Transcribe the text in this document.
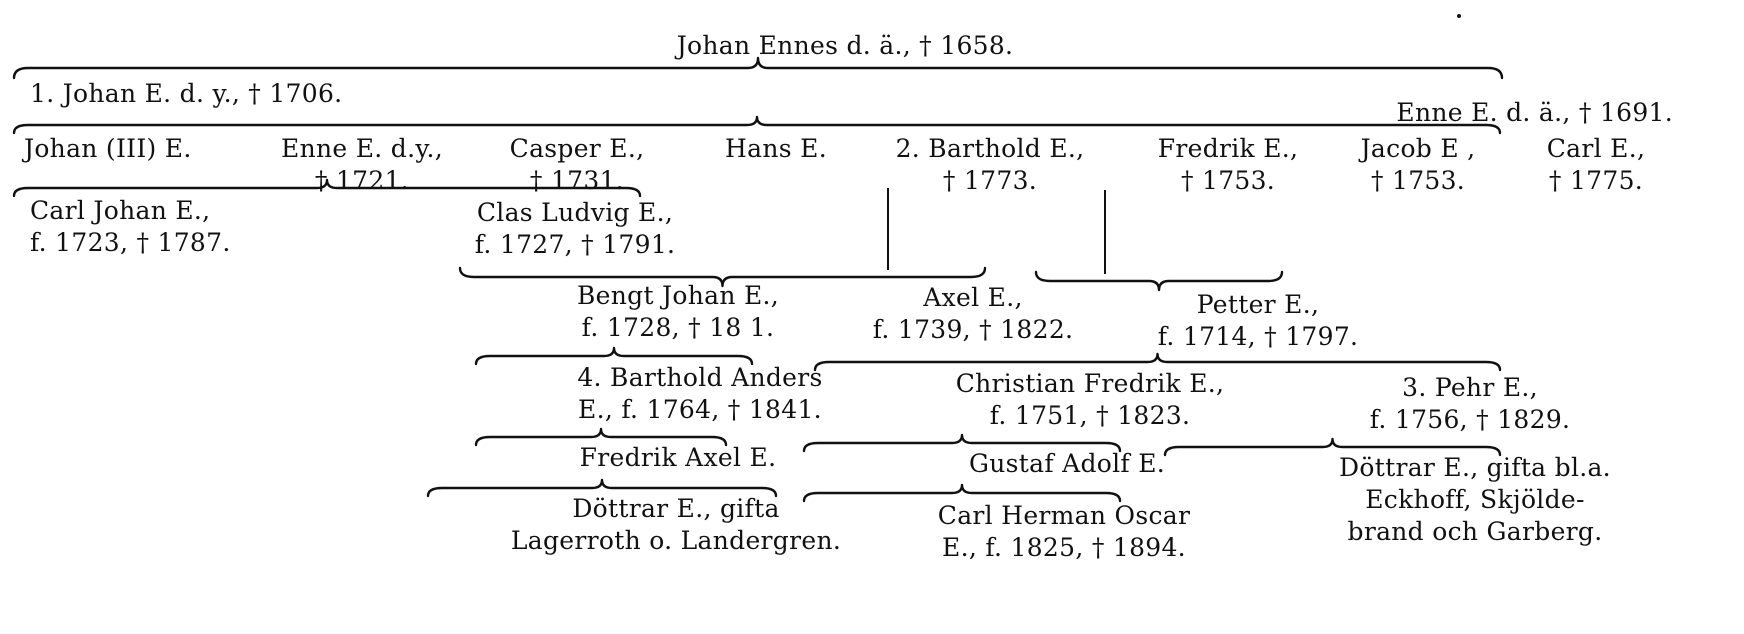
Johan Ennes d. ä., † 1658.
1. Johan E. d. y., † 1706.
Enne E. d. ä., † 1691.
Johan (III) E.	Enne E. d.y.,
† 1721.
Casper E.,
† 1731.
Hans E.	2. Barthold E.,
† 1773.
Fredrik E.,
† 1753.
Jacob E ,
† 1753.
Carl E.,
† 1775.
Carl Johan E.,
f. 1723, † 1787.
Clas Ludvig E.,
f. 1727, † 1791.
Bengt Johan E.,
f. 1728, † 18 1.
Axel E.,
f. 1739, † 1822.
Petter E.,
f. 1714, † 1797.
4. Barthold Anders
E., f. 1764, † 1841.
Christian Fredrik E.,
f. 1751, † 1823.
3. Pehr E.,
f. 1756, † 1829.
Fredrik Axel E.	Gustaf Adolf E.	Döttrar E., gifta bl.a.
Eckhoff, Skjölde-
brand och Garberg.
Döttrar E., gifta
Lagerroth o. Landergren.
Carl Herman Oscar
E., f. 1825, † 1894.
